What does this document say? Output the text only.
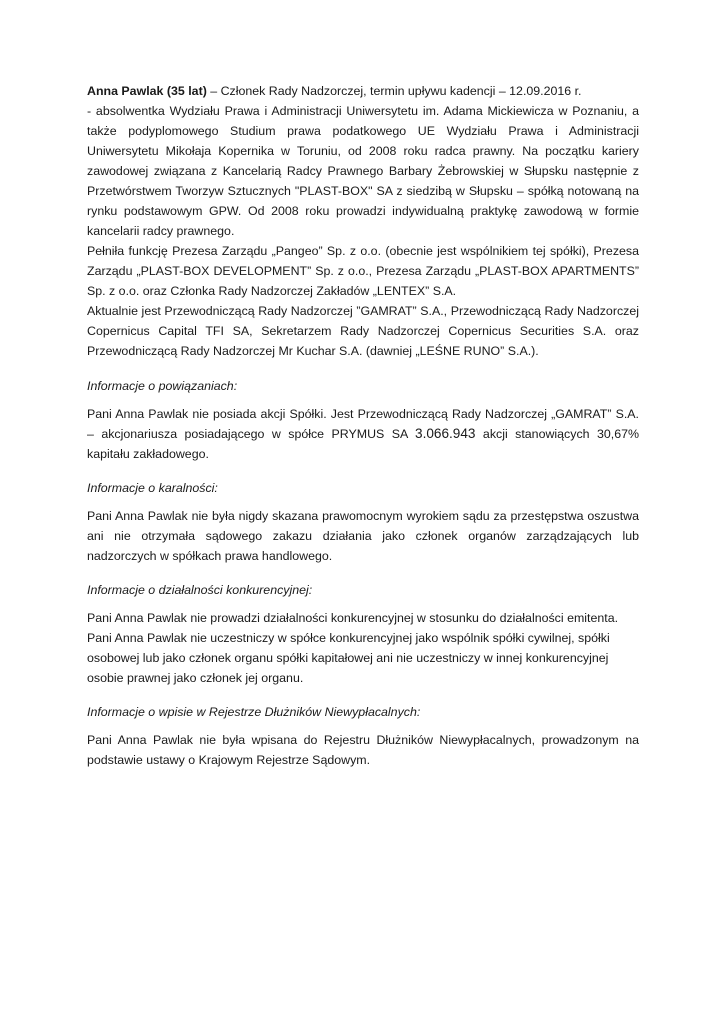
Anna Pawlak (35 lat) – Członek Rady Nadzorczej, termin upływu kadencji – 12.09.2016 r.

- absolwentka Wydziału Prawa i Administracji Uniwersytetu im. Adama Mickiewicza w Poznaniu, a także podyplomowego Studium prawa podatkowego UE Wydziału Prawa i Administracji Uniwersytetu Mikołaja Kopernika w Toruniu, od 2008 roku radca prawny. Na początku kariery zawodowej związana z Kancelarią Radcy Prawnego Barbary Żebrowskiej w Słupsku następnie z Przetwórstwem Tworzyw Sztucznych "PLAST-BOX" SA z siedzibą w Słupsku – spółką notowaną na rynku podstawowym GPW. Od 2008 roku prowadzi indywidualną praktykę zawodową w formie kancelarii radcy prawnego.

Pełniła funkcję Prezesa Zarządu „Pangeo” Sp. z o.o. (obecnie jest wspólnikiem tej spółki), Prezesa Zarządu „PLAST-BOX DEVELOPMENT” Sp. z o.o., Prezesa Zarządu „PLAST-BOX APARTMENTS” Sp. z o.o. oraz Członka Rady Nadzorczej Zakładów „LENTEX” S.A.

Aktualnie jest Przewodniczącą Rady Nadzorczej ”GAMRAT” S.A., Przewodniczącą Rady Nadzorczej Copernicus Capital TFI SA, Sekretarzem Rady Nadzorczej Copernicus Securities S.A. oraz Przewodniczącą Rady Nadzorczej Mr Kuchar S.A. (dawniej „LEŚNE RUNO” S.A.).

Informacje o powiązaniach:

Pani Anna Pawlak nie posiada akcji Spółki. Jest Przewodniczącą Rady Nadzorczej „GAMRAT” S.A. – akcjonariusza posiadającego w spółce PRYMUS SA 3.066.943 akcji stanowiących 30,67% kapitału zakładowego.

Informacje o karalności:

Pani Anna Pawlak nie była nigdy skazana prawomocnym wyrokiem sądu za przestępstwa oszustwa ani nie otrzymała sądowego zakazu działania jako członek organów zarządzających lub nadzorczych w spółkach prawa handlowego.

Informacje o działalności konkurencyjnej:

Pani Anna Pawlak nie prowadzi działalności konkurencyjnej w stosunku do działalności emitenta. Pani Anna Pawlak nie uczestniczy w spółce konkurencyjnej jako wspólnik spółki cywilnej, spółki osobowej lub jako członek organu spółki kapitałowej ani nie uczestniczy w innej konkurencyjnej osobie prawnej jako członek jej organu.

Informacje o wpisie w Rejestrze Dłużników Niewypłacalnych:

Pani Anna Pawlak nie była wpisana do Rejestru Dłużników Niewypłacalnych, prowadzonym na podstawie ustawy o Krajowym Rejestrze Sądowym.
